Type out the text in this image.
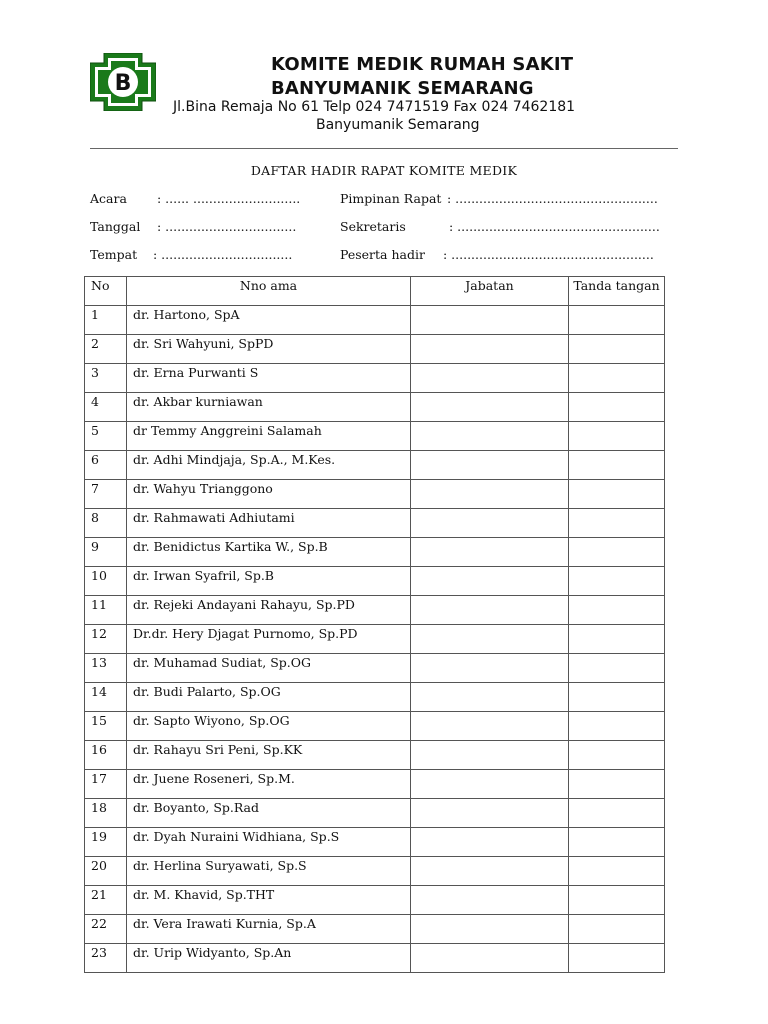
B
KOMITE MEDIK RUMAH SAKIT
BANYUMANIK SEMARANG
Jl.Bina Remaja No 61 Telp 024 7471519 Fax 024 7462181
Banyumanik Semarang
DAFTAR HADIR RAPAT KOMITE MEDIK
Acara : ...... ...........................
Tanggal : .................................
Tempat : .................................
Pimpinan Rapat : ...................................................
Sekretaris	: ...................................................
Peserta hadir : ...................................................
No	Nno ama	Jabatan	Tanda tangan
1	dr. Hartono, SpA		
2	dr. Sri Wahyuni, SpPD		
3	dr. Erna Purwanti S		
4	dr. Akbar kurniawan		
5	dr Temmy Anggreini Salamah		
6	dr. Adhi Mindjaja, Sp.A., M.Kes.		
7	dr. Wahyu Trianggono		
8	dr. Rahmawati Adhiutami		
9	dr. Benidictus Kartika W., Sp.B		
10	dr. Irwan Syafril, Sp.B		
11	dr. Rejeki Andayani Rahayu, Sp.PD		
12	Dr.dr. Hery Djagat Purnomo, Sp.PD		
13	dr. Muhamad Sudiat, Sp.OG		
14	dr. Budi Palarto, Sp.OG		
15	dr. Sapto Wiyono, Sp.OG		
16	dr. Rahayu Sri Peni, Sp.KK		
17	dr. Juene Roseneri, Sp.M.		
18	dr. Boyanto, Sp.Rad		
19	dr. Dyah Nuraini Widhiana, Sp.S		
20	dr. Herlina Suryawati, Sp.S		
21	dr. M. Khavid, Sp.THT		
22	dr. Vera Irawati Kurnia, Sp.A		
23	dr. Urip Widyanto, Sp.An		
